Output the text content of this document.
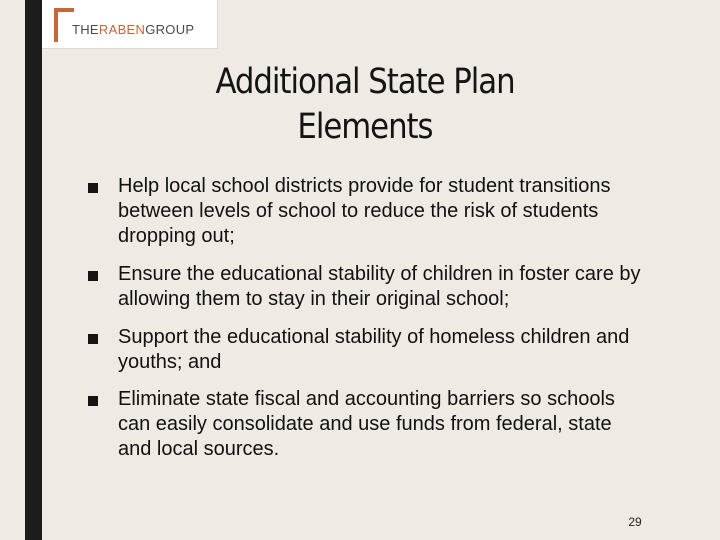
THERABENGROUP
Additional State Plan
Elements
Help local school districts provide for student transitions between levels of school to reduce the risk of students dropping out;
Ensure the educational stability of children in foster care by allowing them to stay in their original school;
Support the educational stability of homeless children and youths; and
Eliminate state fiscal and accounting barriers so schools can easily consolidate and use funds from federal, state and local sources.
29
